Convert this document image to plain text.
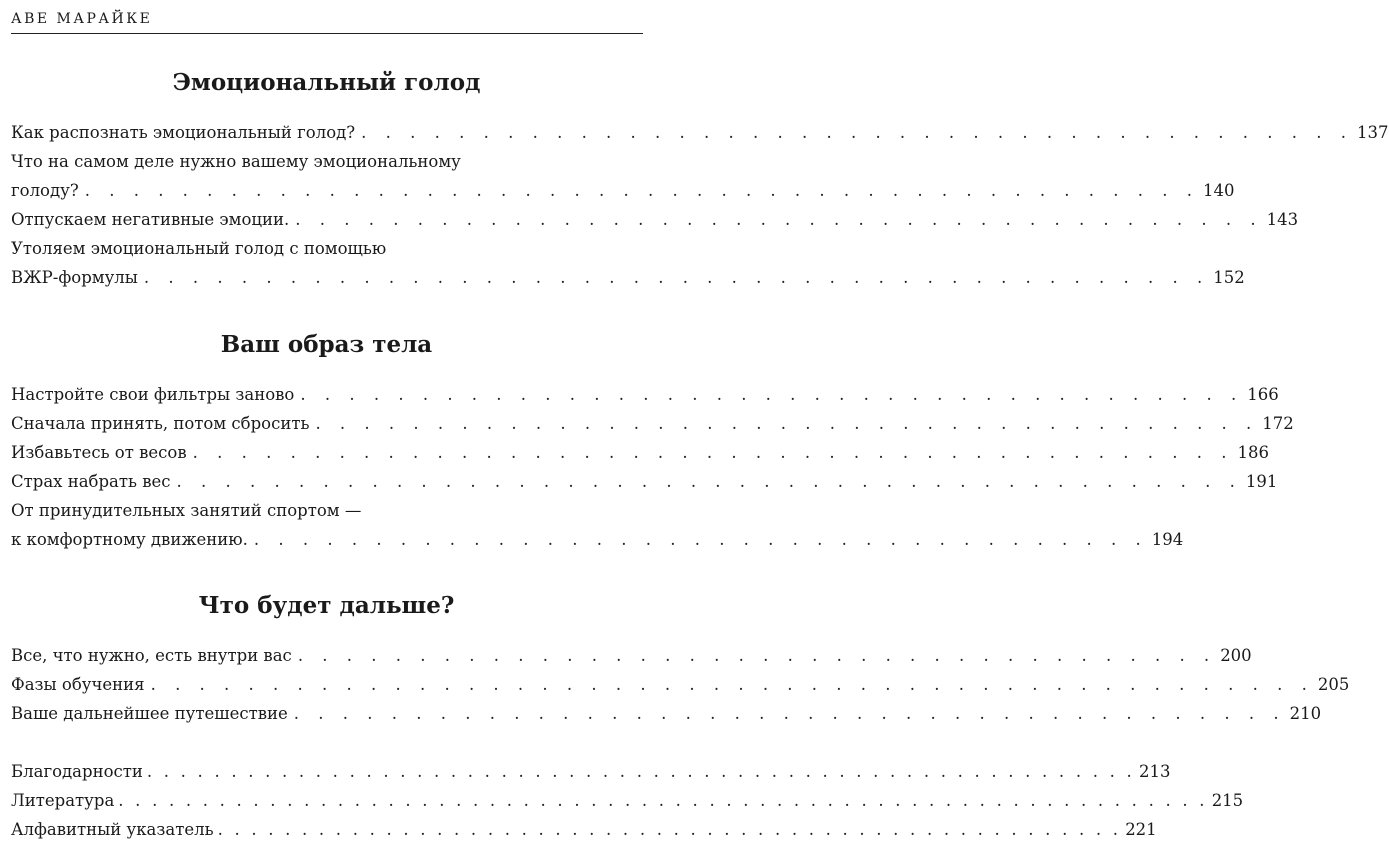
АВЕ МАРАЙКЕ
Эмоциональный голод
Как распознать эмоциональный голод? . . . . . . . . . . . . . . . . . . . . . . . . . . . . . . . . . . . . . . . . . 137
Что на самом деле нужно вашему эмоциональному
голоду? . . . . . . . . . . . . . . . . . . . . . . . . . . . . . . . . . . . . . . . . . . . . . . 140
Отпускаем негативные эмоции. . . . . . . . . . . . . . . . . . . . . . . . . . . . . . . . . . . . . . . . . 143
Утоляем эмоциональный голод с помощью
ВЖР-формулы . . . . . . . . . . . . . . . . . . . . . . . . . . . . . . . . . . . . . . . . . . . . 152
Ваш образ тела
Настройте свои фильтры заново . . . . . . . . . . . . . . . . . . . . . . . . . . . . . . . . . . . . . . . 166
Сначала принять, потом сбросить . . . . . . . . . . . . . . . . . . . . . . . . . . . . . . . . . . . . . . . 172
Избавьтесь от весов . . . . . . . . . . . . . . . . . . . . . . . . . . . . . . . . . . . . . . . . . . . 186
Страх набрать вес . . . . . . . . . . . . . . . . . . . . . . . . . . . . . . . . . . . . . . . . . . . . 191
От принудительных занятий спортом —
к комфортному движению. . . . . . . . . . . . . . . . . . . . . . . . . . . . . . . . . . . . . . 194
Что будет дальше?
Все, что нужно, есть внутри вас . . . . . . . . . . . . . . . . . . . . . . . . . . . . . . . . . . . . . . 200
Фазы обучения . . . . . . . . . . . . . . . . . . . . . . . . . . . . . . . . . . . . . . . . . . . . . . . . 205
Ваше дальнейшее путешествие . . . . . . . . . . . . . . . . . . . . . . . . . . . . . . . . . . . . . . . . . 210
Благодарности . . . . . . . . . . . . . . . . . . . . . . . . . . . . . . . . . . . . . . . . . . . . . . . . . . . . . . . . . . . 213
Литература . . . . . . . . . . . . . . . . . . . . . . . . . . . . . . . . . . . . . . . . . . . . . . . . . . . . . . . . . . . . . . . . . 215
Алфавитный указатель . . . . . . . . . . . . . . . . . . . . . . . . . . . . . . . . . . . . . . . . . . . . . . . . . . . . . . 221
